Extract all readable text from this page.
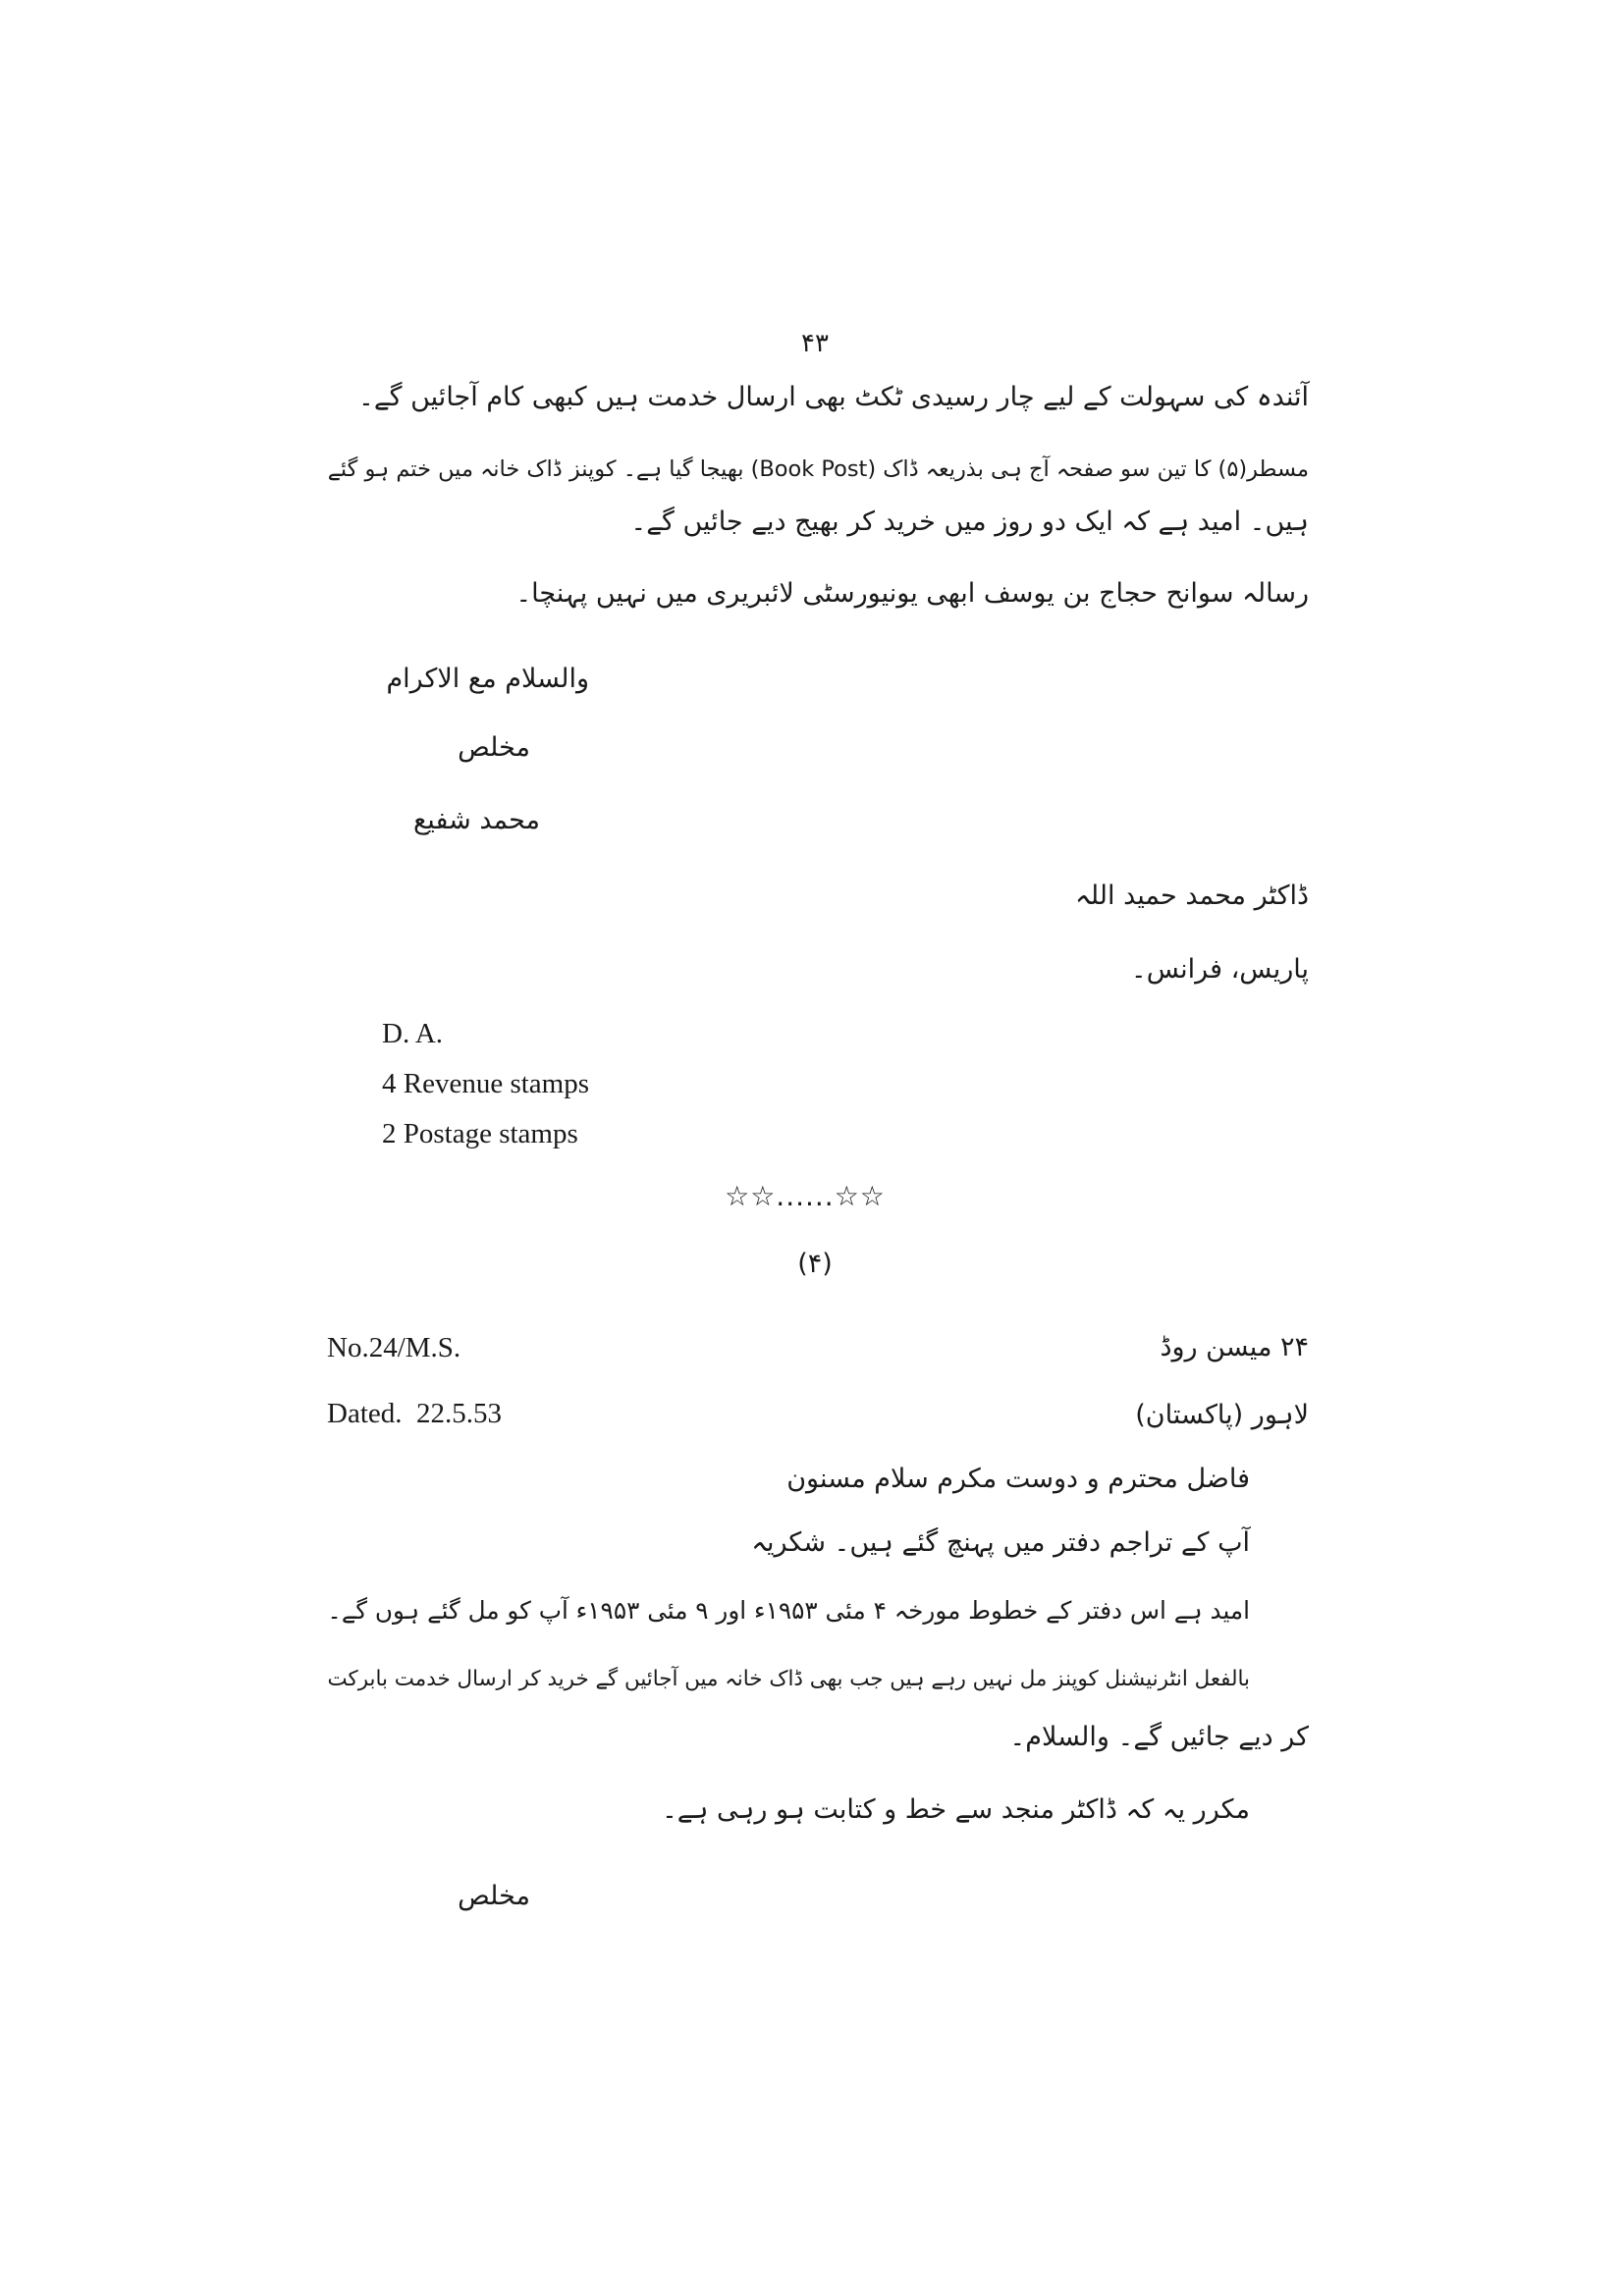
۴۳
آئندہ کی سہولت کے لیے چار رسیدی ٹکٹ بھی ارسال خدمت ہیں کبھی کام آجائیں گے۔
مسطر(۵) کا تین سو صفحہ آج ہی بذریعہ ڈاک (Book Post) بھیجا گیا ہے۔ کوپنز ڈاک خانہ میں ختم ہو گئے
ہیں۔ امید ہے کہ ایک دو روز میں خرید کر بھیج دیے جائیں گے۔
رسالہ سوانح حجاج بن یوسف ابھی یونیورسٹی لائبریری میں نہیں پہنچا۔
والسلام مع الاکرام
مخلص
محمد شفیع
ڈاکٹر محمد حمید اللہ
پاریس، فرانس۔
D. A.
4 Revenue stamps
2 Postage stamps
☆☆......☆☆
(۴)
No.24/M.S.
Dated.  22.5.53
۲۴ میسن روڈ
لاہور (پاکستان)
فاضل محترم و دوست مکرم سلام مسنون
آپ کے تراجم دفتر میں پہنچ گئے ہیں۔ شکریہ
امید ہے اس دفتر کے خطوط مورخہ ۴ مئی ۱۹۵۳ء اور ۹ مئی ۱۹۵۳ء آپ کو مل گئے ہوں گے۔
بالفعل انٹرنیشنل کوپنز مل نہیں رہے ہیں جب بھی ڈاک خانہ میں آجائیں گے خرید کر ارسال خدمت بابرکت
کر دیے جائیں گے۔ والسلام۔
مکرر یہ کہ ڈاکٹر منجد سے خط و کتابت ہو رہی ہے۔
مخلص
